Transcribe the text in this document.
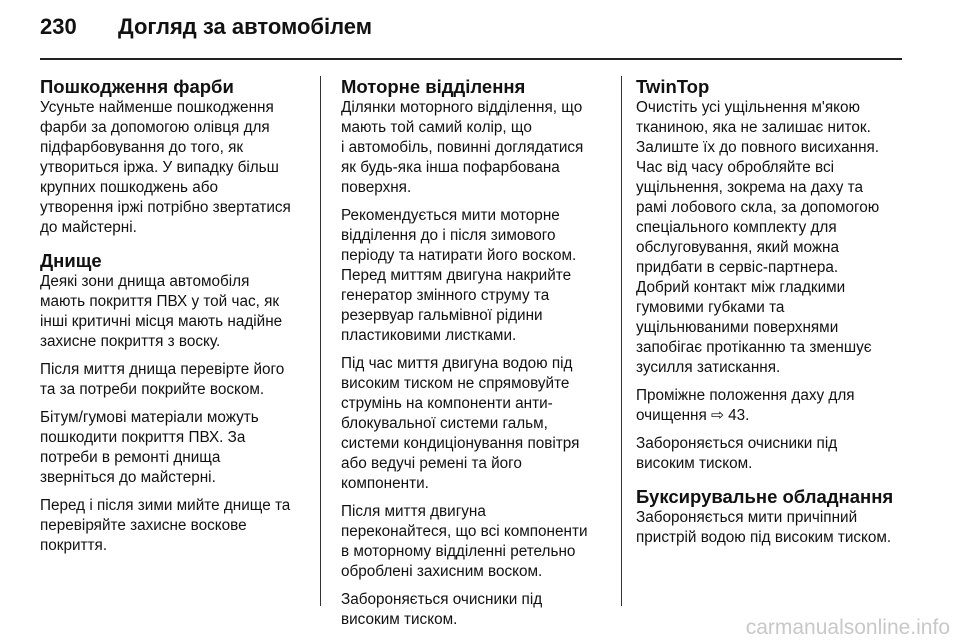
230	Догляд за автомобілем
Пошкодження фарби

Усуньте найменше пошкодження
фарби за допомогою олівця для
підфарбовування до того, як
утвориться іржа. У випадку більш
крупних пошкоджень або
утворення іржі потрібно звертатися
до майстерні.

Днище

Деякі зони днища автомобіля
мають покриття ПВХ у той час, як
інші критичні місця мають надійне
захисне покриття з воску.

Після миття днища перевірте його
та за потреби покрийте воском.

Бітум/гумові матеріали можуть
пошкодити покриття ПВХ. За
потреби в ремонті днища
зверніться до майстерні.

Перед і після зими мийте днище та
перевіряйте захисне воскове
покриття.

Моторне відділення

Ділянки моторного відділення, що
мають той самий колір, що
і автомобіль, повинні доглядатися
як будь-яка інша пофарбована
поверхня.

Рекомендується мити моторне
відділення до і після зимового
періоду та натирати його воском.
Перед миттям двигуна накрийте
генератор змінного струму та
резервуар гальмівної рідини
пластиковими листками.

Під час миття двигуна водою під
високим тиском не спрямовуйте
струмінь на компоненти анти-
блокувальної системи гальм,
системи кондиціонування повітря
або ведучі ремені та його
компоненти.

Після миття двигуна
переконайтеся, що всі компоненти
в моторному відділенні ретельно
оброблені захисним воском.

Забороняється очисники під
високим тиском.

TwinTop

Очистіть усі ущільнення м'якою
тканиною, яка не залишає ниток.
Залиште їх до повного висихання.
Час від часу обробляйте всі
ущільнення, зокрема на даху та
рамі лобового скла, за допомогою
спеціального комплекту для
обслуговування, який можна
придбати в сервіс-партнера.
Добрий контакт між гладкими
гумовими губками та
ущільнюваними поверхнями
запобігає протіканню та зменшує
зусилля затискання.

Проміжне положення даху для
очищення ⇨ 43.

Забороняється очисники під
високим тиском.

Буксирувальне обладнання

Забороняється мити причіпний
пристрій водою під високим тиском.

carmanualsonline.info
